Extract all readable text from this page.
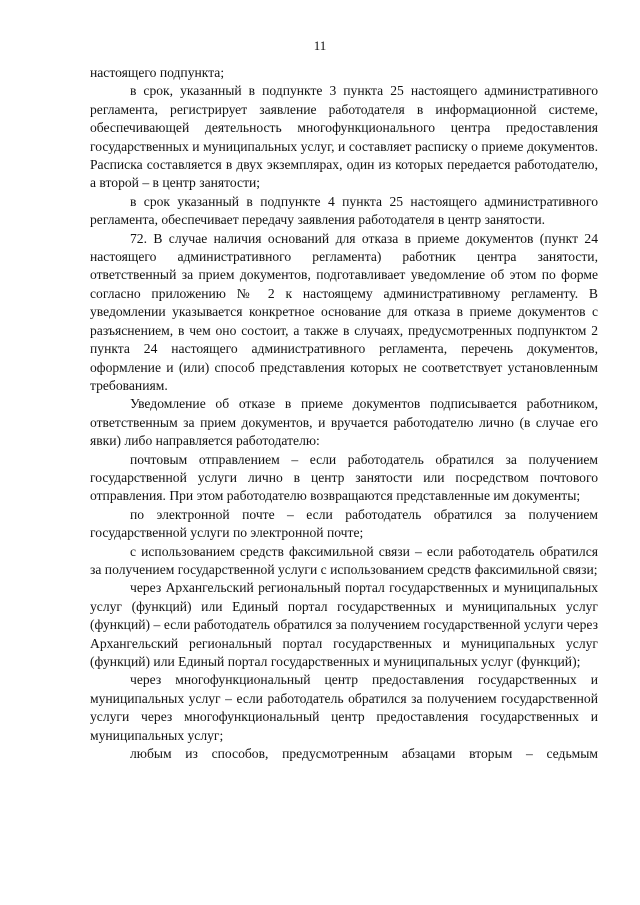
11

настоящего подпункта;

в срок, указанный в подпункте 3 пункта 25 настоящего административного регламента, регистрирует заявление работодателя в информационной системе, обеспечивающей деятельность многофункционального центра предоставления государственных и муниципальных услуг, и составляет расписку о приеме документов. Расписка составляется в двух экземплярах, один из которых передается работодателю, а второй – в центр занятости;

в срок указанный в подпункте 4 пункта 25 настоящего административного регламента, обеспечивает передачу заявления работодателя в центр занятости.

72. В случае наличия оснований для отказа в приеме документов (пункт 24 настоящего административного регламента) работник центра занятости, ответственный за прием документов, подготавливает уведомление об этом по форме согласно приложению № 2 к настоящему административному регламенту. В уведомлении указывается конкретное основание для отказа в приеме документов с разъяснением, в чем оно состоит, а также в случаях, предусмотренных подпунктом 2 пункта 24 настоящего административного регламента, перечень документов, оформление и (или) способ представления которых не соответствует установленным требованиям.

Уведомление об отказе в приеме документов подписывается работником, ответственным за прием документов, и вручается работодателю лично (в случае его явки) либо направляется работодателю:

почтовым отправлением – если работодатель обратился за получением государственной услуги лично в центр занятости или посредством почтового отправления. При этом работодателю возвращаются представленные им документы;

по электронной почте – если работодатель обратился за получением государственной услуги по электронной почте;

с использованием средств факсимильной связи – если работодатель обратился за получением государственной услуги с использованием средств факсимильной связи;

через Архангельский региональный портал государственных и муниципальных услуг (функций) или Единый портал государственных и муниципальных услуг (функций) – если работодатель обратился за получением государственной услуги через Архангельский региональный портал государственных и муниципальных услуг (функций) или Единый портал государственных и муниципальных услуг (функций);

через многофункциональный центр предоставления государственных и муниципальных услуг – если работодатель обратился за получением государственной услуги через многофункциональный центр предоставления государственных и муниципальных услуг;

любым из способов, предусмотренным абзацами вторым – седьмым
